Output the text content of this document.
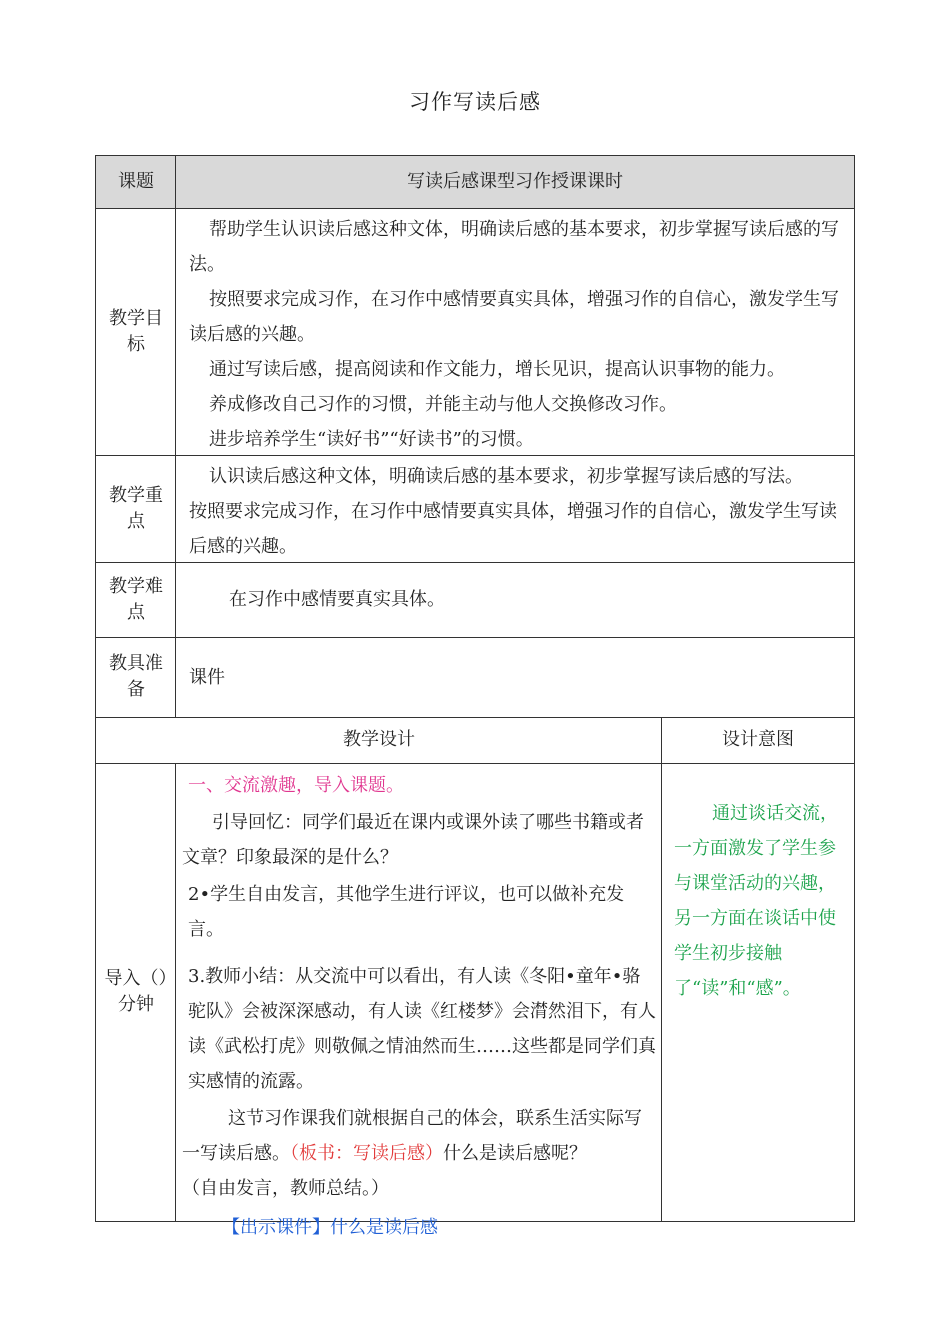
习作写读后感
课题	写读后感课型习作授课课时
教学目标

帮助学生认识读后感这种文体，明确读后感的基本要求，初步掌握写读后感的写法。

按照要求完成习作，在习作中感情要真实具体，增强习作的自信心，激发学生写读后感的兴趣。

通过写读后感，提高阅读和作文能力，增长见识，提高认识事物的能力。

养成修改自己习作的习惯，并能主动与他人交换修改习作。

进步培养学生“读好书”“好读书”的习惯。

教学重点

认识读后感这种文体，明确读后感的基本要求，初步掌握写读后感的写法。

按照要求完成习作，在习作中感情要真实具体，增强习作的自信心，激发学生写读后感的兴趣。

教学难点
在习作中感情要真实具体。
教具准备
课件
教学设计	设计意图
导入（）分钟

一、交流激趣，导入课题。

引导回忆：同学们最近在课内或课外读了哪些书籍或者文章？印象最深的是什么？

2•学生自由发言，其他学生进行评议，也可以做补充发言。

3.教师小结：从交流中可以看出，有人读《冬阳•童年•骆驼队》会被深深感动，有人读《红楼梦》会潸然泪下，有人读《武松打虎》则敬佩之情油然而生……这些都是同学们真实感情的流露。

这节习作课我们就根据自己的体会，联系生活实际写一写读后感。（板书：写读后感）什么是读后感呢？

（自由发言，教师总结。）

【出示课件】什么是读后感

通过谈话交流，一方面激发了学生参与课堂活动的兴趣，另一方面在谈话中使学生初步接触了“读”和“感”。
